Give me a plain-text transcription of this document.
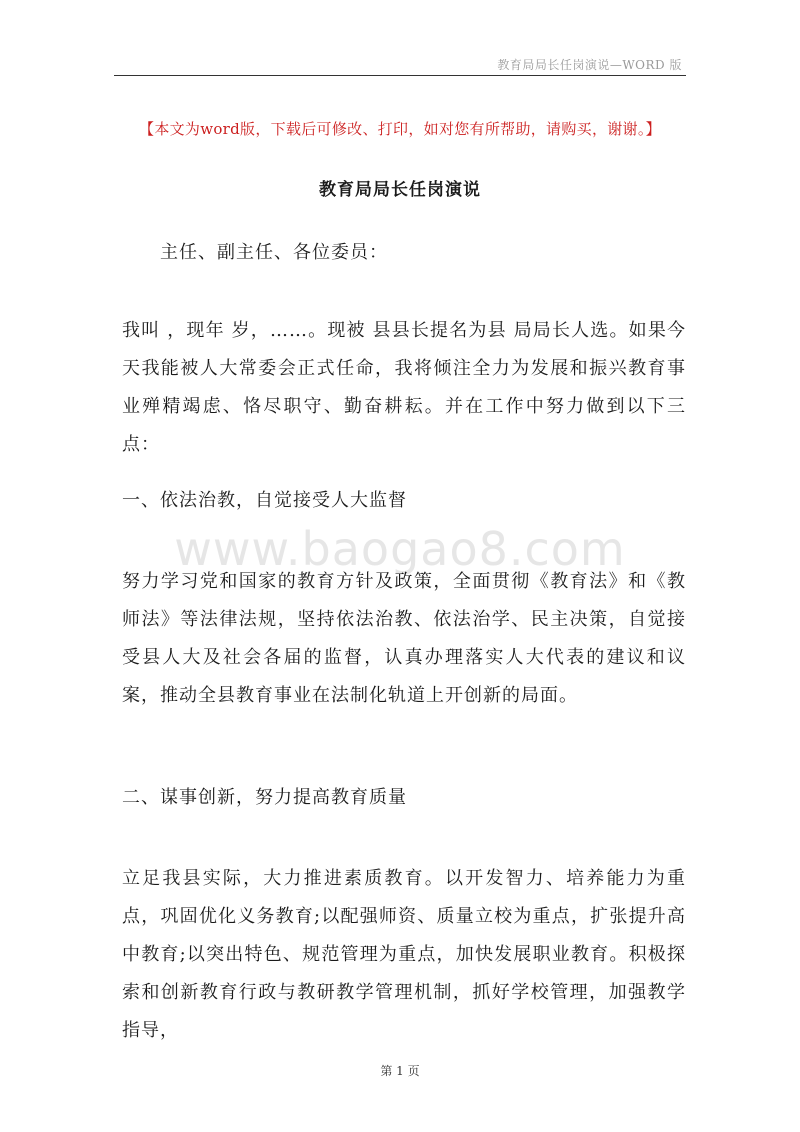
教育局局长任岗演说—WORD 版
【本文为word版，下载后可修改、打印，如对您有所帮助，请购买，谢谢。】
教育局局长任岗演说

主任、副主任、各位委员：

我叫 ，现年 岁，……。现被 县县长提名为县 局局长人选。如果今天我能被人大常委会正式任命，我将倾注全力为发展和振兴教育事业殚精竭虑、恪尽职守、勤奋耕耘。并在工作中努力做到以下三点：

一、依法治教，自觉接受人大监督

www.baogao8.com

努力学习党和国家的教育方针及政策，全面贯彻《教育法》和《教师法》等法律法规，坚持依法治教、依法治学、民主决策，自觉接受县人大及社会各届的监督，认真办理落实人大代表的建议和议案，推动全县教育事业在法制化轨道上开创新的局面。

二、谋事创新，努力提高教育质量

立足我县实际，大力推进素质教育。以开发智力、培养能力为重点，巩固优化义务教育;以配强师资、质量立校为重点，扩张提升高中教育;以突出特色、规范管理为重点，加快发展职业教育。积极探索和创新教育行政与教研教学管理机制，抓好学校管理，加强教学指导，

第 1 页
